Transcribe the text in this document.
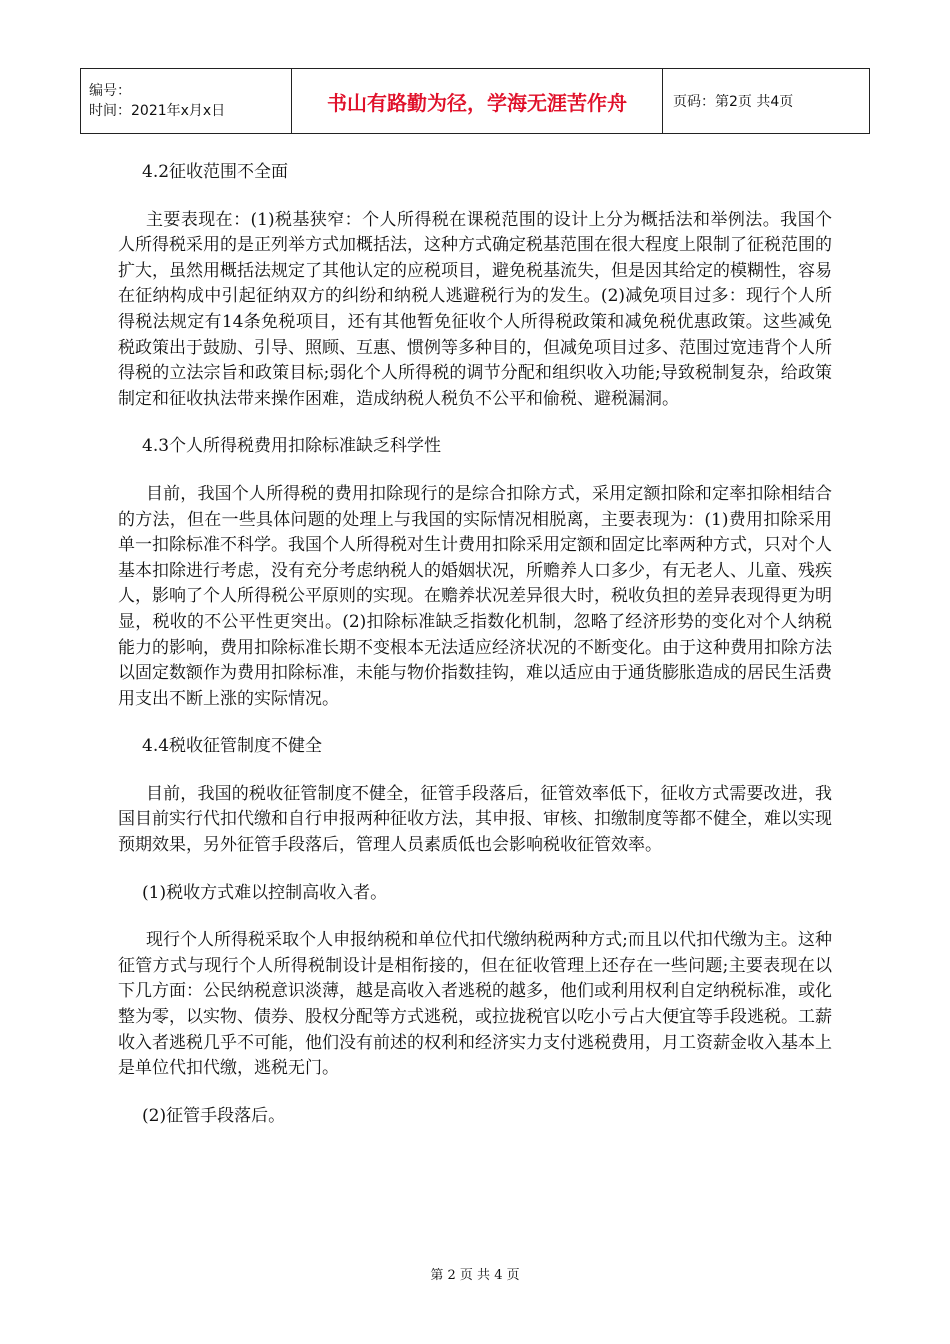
编号：
时间：2021年x月x日	书山有路勤为径，学海无涯苦作舟	页码：第2页 共4页
4.2征收范围不全面
主要表现在：(1)税基狭窄：个人所得税在课税范围的设计上分为概括法和举例法。我国个人所得税采用的是正列举方式加概括法，这种方式确定税基范围在很大程度上限制了征税范围的扩大，虽然用概括法规定了其他认定的应税项目，避免税基流失，但是因其给定的模糊性，容易在征纳构成中引起征纳双方的纠纷和纳税人逃避税行为的发生。(2)减免项目过多：现行个人所得税法规定有14条免税项目，还有其他暂免征收个人所得税政策和减免税优惠政策。这些减免税政策出于鼓励、引导、照顾、互惠、惯例等多种目的，但减免项目过多、范围过宽违背个人所得税的立法宗旨和政策目标;弱化个人所得税的调节分配和组织收入功能;导致税制复杂，给政策制定和征收执法带来操作困难，造成纳税人税负不公平和偷税、避税漏洞。
4.3个人所得税费用扣除标准缺乏科学性
目前，我国个人所得税的费用扣除现行的是综合扣除方式，采用定额扣除和定率扣除相结合的方法，但在一些具体问题的处理上与我国的实际情况相脱离，主要表现为：(1)费用扣除采用单一扣除标准不科学。我国个人所得税对生计费用扣除采用定额和固定比率两种方式，只对个人基本扣除进行考虑，没有充分考虑纳税人的婚姻状况，所赡养人口多少，有无老人、儿童、残疾人，影响了个人所得税公平原则的实现。在赡养状况差异很大时，税收负担的差异表现得更为明显，税收的不公平性更突出。(2)扣除标准缺乏指数化机制，忽略了经济形势的变化对个人纳税能力的影响，费用扣除标准长期不变根本无法适应经济状况的不断变化。由于这种费用扣除方法以固定数额作为费用扣除标准，未能与物价指数挂钩，难以适应由于通货膨胀造成的居民生活费用支出不断上涨的实际情况。
4.4税收征管制度不健全
目前，我国的税收征管制度不健全，征管手段落后，征管效率低下，征收方式需要改进，我国目前实行代扣代缴和自行申报两种征收方法，其申报、审核、扣缴制度等都不健全，难以实现预期效果，另外征管手段落后，管理人员素质低也会影响税收征管效率。
(1)税收方式难以控制高收入者。
现行个人所得税采取个人申报纳税和单位代扣代缴纳税两种方式;而且以代扣代缴为主。这种征管方式与现行个人所得税制设计是相衔接的，但在征收管理上还存在一些问题;主要表现在以下几方面：公民纳税意识淡薄，越是高收入者逃税的越多，他们或利用权利自定纳税标准，或化整为零，以实物、债券、股权分配等方式逃税，或拉拢税官以吃小亏占大便宜等手段逃税。工薪收入者逃税几乎不可能，他们没有前述的权利和经济实力支付逃税费用，月工资薪金收入基本上是单位代扣代缴，逃税无门。
(2)征管手段落后。
第 2 页 共 4 页
